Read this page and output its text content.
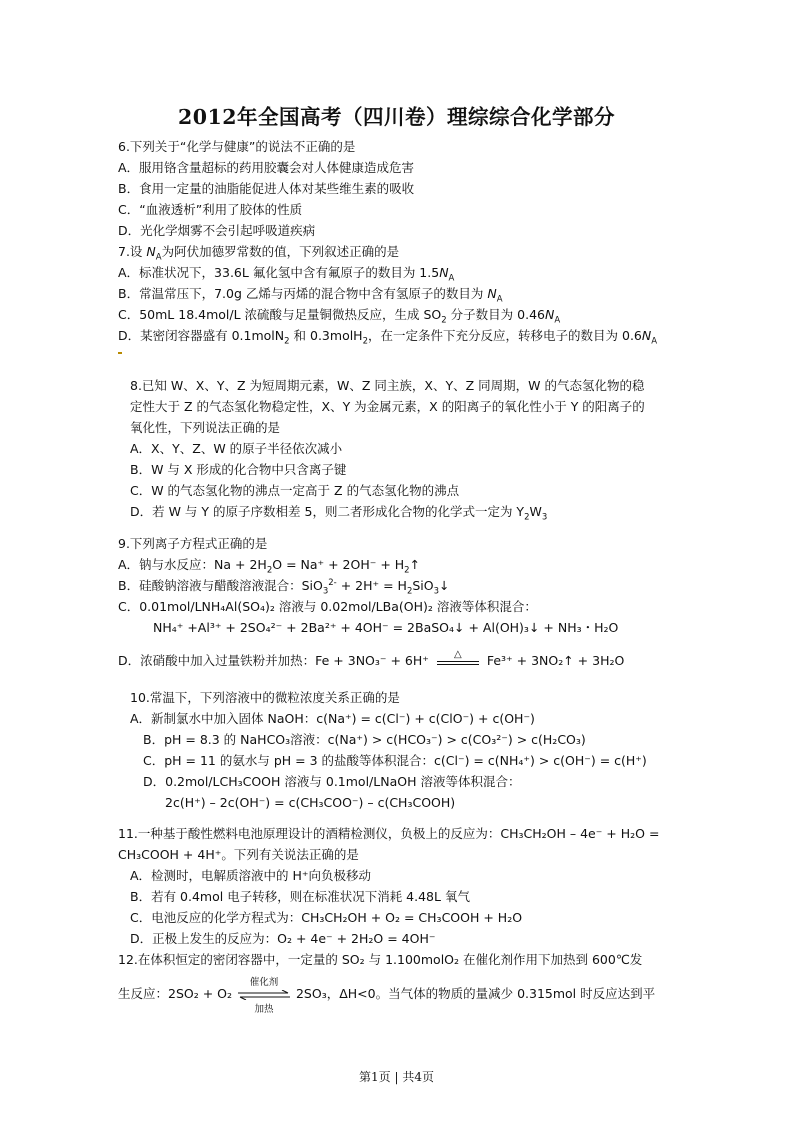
2012年全国高考（四川卷）理综综合化学部分
6.下列关于“化学与健康”的说法不正确的是
A．服用铬含量超标的药用胶囊会对人体健康造成危害
B．食用一定量的油脂能促进人体对某些维生素的吸收
C．“血液透析”利用了胶体的性质
D．光化学烟雾不会引起呼吸道疾病
7.设 $N_A$为阿伏加德罗常数的值，下列叙述正确的是
A．标准状况下，33.6L 氟化氢中含有氟原子的数目为 $1.5N_A$
B．常温常压下，7.0g 乙烯与丙烯的混合物中含有氢原子的数目为 $N_A$
C．50mL 18.4mol/L 浓硫酸与足量铜微热反应，生成 $SO_2$ 分子数目为 $0.46N_A$
D．某密闭容器盛有 0.1molN$_2$ 和 0.3molH$_2$，在一定条件下充分反应，转移电子的数目为 $0.6N_A$
8.已知 W、X、Y、Z 为短周期元素，W、Z 同主族，X、Y、Z 同周期，W 的气态氢化物的稳
定性大于 Z 的气态氢化物稳定性，X、Y 为金属元素，X 的阳离子的氧化性小于 Y 的阳离子的
氧化性，下列说法正确的是
A．X、Y、Z、W 的原子半径依次减小
B．W 与 X 形成的化合物中只含离子键
C．W 的气态氢化物的沸点一定高于 Z 的气态氢化物的沸点
D．若 W 与 Y 的原子序数相差 5，则二者形成化合物的化学式一定为 $Y_2W_3$
9.下列离子方程式正确的是
A．钠与水反应：$Na + 2H_2O = Na^+ + 2OH^-$ + $H_2↑$
B．硅酸钠溶液与醋酸溶液混合：$SiO_3^{2-} + 2H^+ = H_2SiO_3↓$
C．0.01mol/LNH₄Al(SO₄)₂ 溶液与 0.02mol/LBa(OH)₂ 溶液等体积混合：
NH₄⁺ +Al³⁺ + 2SO₄²⁻ + 2Ba²⁺ + 4OH⁻ = 2BaSO₄↓ + Al(OH)₃↓ + NH₃・H₂O
D．浓硝酸中加入过量铁粉并加热：Fe + 3NO₃⁻ + 6H⁺	△	Fe³⁺ + 3NO₂↑ + 3H₂O
10.常温下，下列溶液中的微粒浓度关系正确的是
A．新制氯水中加入固体 NaOH：c(Na⁺) = c(Cl⁻) + c(ClO⁻) + c(OH⁻)
B．pH = 8.3 的 NaHCO₃溶液：c(Na⁺) > c(HCO₃⁻) > c(CO₃²⁻) > c(H₂CO₃)
C．pH = 11 的氨水与 pH = 3 的盐酸等体积混合：c(Cl⁻) = c(NH₄⁺) > c(OH⁻) = c(H⁺)
D．0.2mol/LCH₃COOH 溶液与 0.1mol/LNaOH 溶液等体积混合：
2c(H⁺) – 2c(OH⁻) = c(CH₃COO⁻) – c(CH₃COOH)
11.一种基于酸性燃料电池原理设计的酒精检测仪，负极上的反应为：CH₃CH₂OH – 4e⁻ + H₂O =
CH₃COOH + 4H⁺。下列有关说法正确的是
A．检测时，电解质溶液中的 H⁺向负极移动
B．若有 0.4mol 电子转移，则在标准状况下消耗 4.48L 氧气
C．电池反应的化学方程式为：CH₃CH₂OH + O₂ = CH₃COOH + H₂O
D．正极上发生的反应为：O₂ + 4e⁻ + 2H₂O = 4OH⁻
12.在体积恒定的密闭容器中，一定量的 SO₂ 与 1.100molO₂ 在催化剂作用下加热到 600℃发
生反应：2SO₂ + O₂
催化剂
加热
2SO₃，ΔH<0。当气体的物质的量减少 0.315mol 时反应达到平
第1页 | 共4页
